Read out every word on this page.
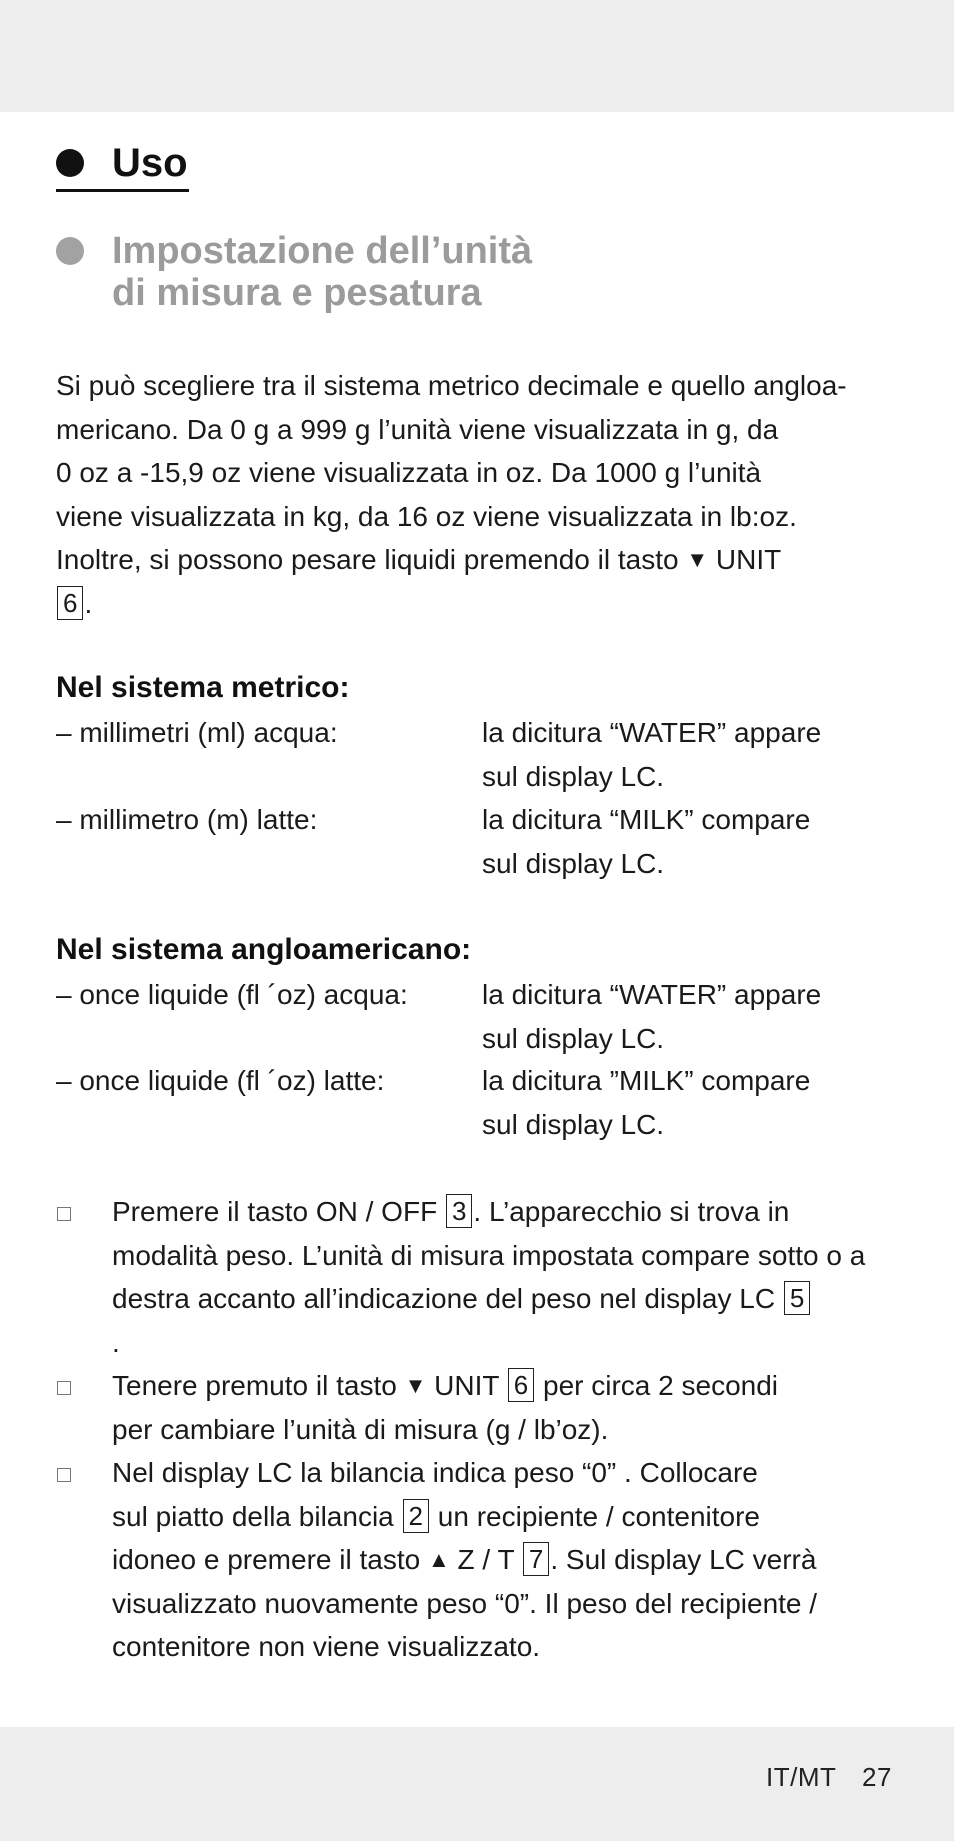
Uso
Impostazione dell’unità
di misura e pesatura
Si può scegliere tra il sistema metrico decimale e quello angloa-
mericano. Da 0 g a 999 g l’unità viene visualizzata in g, da
0 oz a -15,9 oz viene visualizzata in oz. Da 1000 g l’unità
viene visualizzata in kg, da 16 oz viene visualizzata in lb:oz.
Inoltre, si possono pesare liquidi premendo il tasto ▼ UNIT
6 .
Nel sistema metrico:
– millimetri (ml) acqua:	la dicitura “WATER” appare
sul display LC.
– millimetro (m) latte:	la dicitura “MILK” compare
sul display LC.
Nel sistema angloamericano:
– once liquide (fl ´oz) acqua:	la dicitura “WATER” appare
sul display LC.
– once liquide (fl ´oz) latte:	la dicitura ”MILK” compare
sul display LC.
Premere il tasto ON / OFF 3 . L’apparecchio si trova in
modalità peso. L’unità di misura impostata compare sotto o a
destra accanto all’indicazione del peso nel display LC 5
.
Tenere premuto il tasto ▼ UNIT 6 per circa 2 secondi
per cambiare l’unità di misura (g / lb’oz).
Nel display LC la bilancia indica peso “0” . Collocare
sul piatto della bilancia 2 un recipiente / contenitore
idoneo e premere il tasto ▲ Z / T 7 . Sul display LC verrà
visualizzato nuovamente peso “0”. Il peso del recipiente /
contenitore non viene visualizzato.
IT/MT 27
